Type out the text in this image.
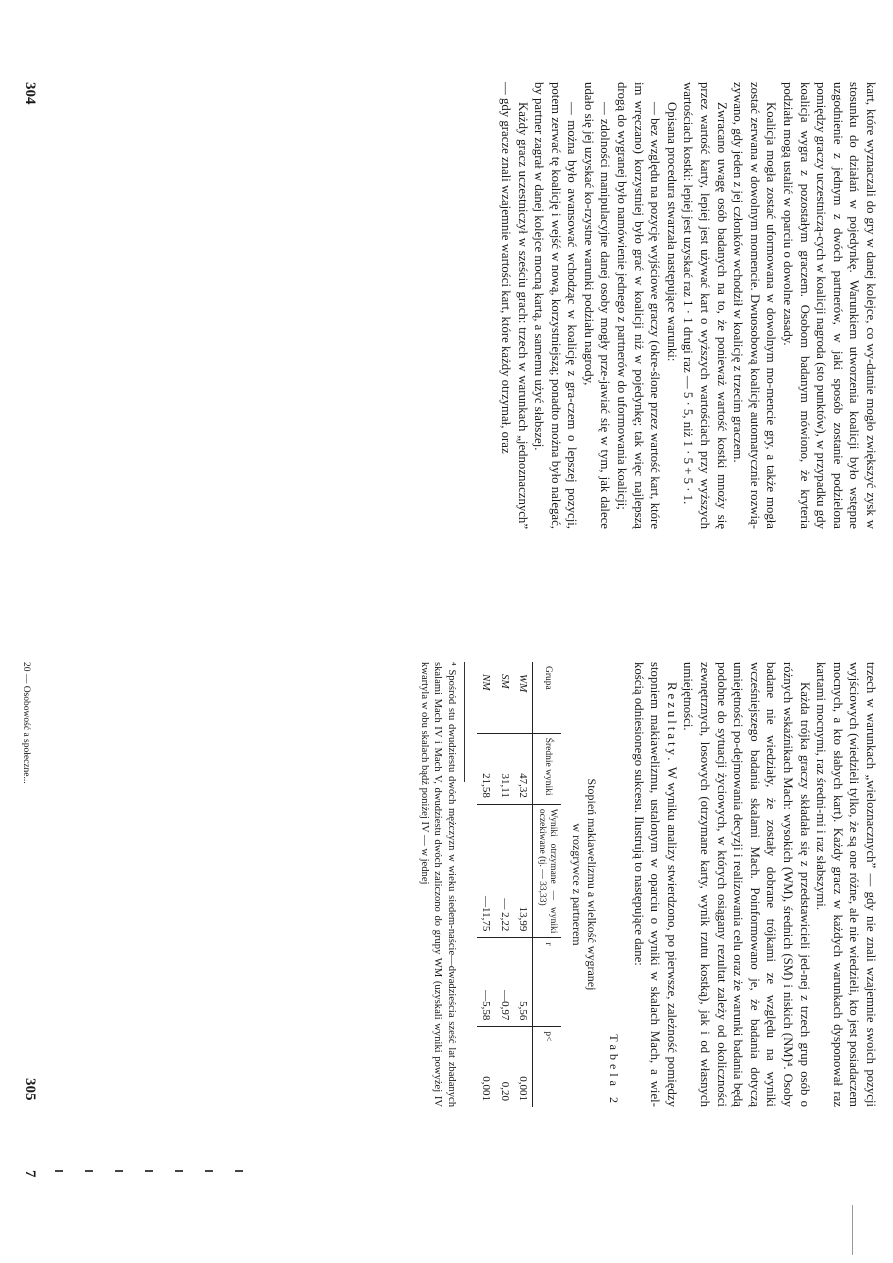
kart, które wyznaczali do gry w danej kolejce, co wy-datnie mogło zwiększyć zysk w stosunku do działań w pojedynkę. Warunkiem utworzenia koalicji było wstępne uzgodnienie z jednym z dwóch partnerów, w jaki sposób zostanie podzielona pomiędzy graczy uczestniczą-cych w koalicji nagroda (sto punktów), w przypadku gdy koalicja wygra z pozostałym graczem. Osobom badanym mówiono, że kryteria podziału mogą ustalić w oparciu o dowolne zasady.

Koalicja mogła zostać uformowana w dowolnym mo-mencie gry, a także mogła zostać zerwana w dowolnym momencie. Dwuosobową koalicję automatycznie rozwią-zywano, gdy jeden z jej członków wchodził w koalicję z trzecim graczem.

Zwracano uwagę osób badanych na to, że ponieważ wartość kostki mnoży się przez wartość karty, lepiej jest używać kart o wyższych wartościach przy wyższych wartościach kostki: lepiej jest uzyskać raz 1 · 1 drugi raz — 5 · 5, niż 1 · 5 + 5 · 1.

Opisana procedura stwarzała następujące warunki:

— bez względu na pozycję wyjściowe graczy (okre-ślone przez wartość kart, które im wręczano) korzystniej było grać w koalicji niż w pojedynkę; tak więc najlepszą drogą do wygranej było namówienie jednego z partnerów do uformowania koalicji;

— zdolności manipulacyjne danej osoby mogły prze-jawiać się w tym, jak dalece udało się jej uzyskać ko-rzystne warunki podziału nagrody,

— można było awansować wchodząc w koalicję z gra-czem o lepszej pozycji, potem zerwać tę koalicję i wejść w nową, korzystniejszą; ponadto można było nalegać, by partner zagrał w danej kolejce mocną kartą, a samemu użyć słabszej.

Każdy gracz uczestniczył w sześciu grach: trzech w warunkach „jednoznacznych” — gdy gracze znali wzajemnie wartości kart, które każdy otrzymał, oraz

304

trzech w warunkach „wieloznacznych” — gdy nie znali wzajemnie swoich pozycji wyjściowych (wiedzieli tylko, że są one różne, ale nie wiedzieli, kto jest posiadaczem mocnych, a kto słabych kart). Każdy gracz w każdych warunkach dysponował raz kartami mocnymi, raz średni-mi i raz słabszymi.

Każda trójka graczy składała się z przedstawicieli jed-nej z trzech grup osób o różnych wskaźnikach Mach: wysokich (WM), średnich (SM) i niskich (NM)⁴. Osoby badane nie wiedziały, że zostały dobrane trójkami ze względu na wyniki wcześniejszego badania skalami Mach. Poinformowano je, że badania dotyczą umiejętności po-dejmowania decyzji i realizowania celu oraz że warunki badania będą podobne do sytuacji życiowych, w których osiągany rezultat zależy od okoliczności zewnętrznych, losowych (otrzymane karty, wynik rzutu kostką), jak i od własnych umiejętności.

Rezultaty. W wyniku analizy stwierdzono, po pierwsze, zależność pomiędzy stopniem makiawelizmu, ustalonym w oparciu o wyniki w skalach Mach, a wiel-kością odniesionego sukcesu. Ilustrują to następujące dane:

Tabela 2
Stopień makiawelizmu a wielkość wygranej
w rozgrywce z partnerem
Grupa	Średnie wyniki	Wyniki otrzymane — wyniki oczekiwane (tj. — 33,33)	r	p<
WM	47,32	13,99	5,56	0,001
SM	31,11	— 2,22	—0,97	0,20
NM	21,58	—11,75	—5,58	0,001
⁴ Spośród stu dwudziestu dwóch mężczyzn w wieku siedem-naście—dwadzieścia sześć lat zbadanych skalami Mach IV i Mach V, dwudziestu dwóch zaliczono do grupy WM (uzyskali wyniki powyżej IV kwartyla w obu skalach bądź poniżej IV — w jednej
20 — Osobowość a społeczne...
305
7
